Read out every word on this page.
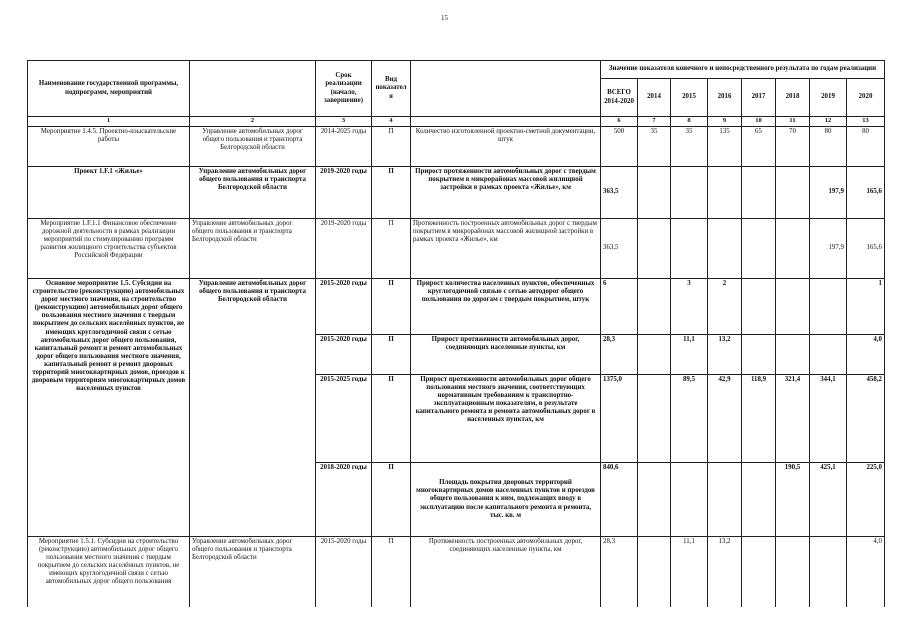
15
Наименование государственной программы, подпрограмм, мероприятий		Срок реализации (начало, завершение)	Вид показателя		Значение показателя конечного и непосредственного результата по годам реализации							
					ВСЕГО 2014-2020	2014	2015	2016	2017	2018	2019	2020
1	2	3	4		6	7	8	9	10	11	12	13
Мероприятие 1.4.5. Проектно-изыскательские работы	Управление автомобильных дорог общего пользования и транспорта Белгородской области	2014-2025 годы	П	Количество изготовленной проектно-сметной документации, штук	500	35	35	135	65	70	80	80
Проект 1.F.1 «Жилье»	Управление автомобильных дорог общего пользования и транспорта Белгородской области	2019-2020 годы	П	Прирост протяженности автомобильных дорог с твердым покрытием в микрорайонах массовой жилищной застройки в рамках проекта «Жилье», км	363,5						197,9	165,6
Мероприятие 1.F.1.1 Финансовое обеспечение дорожной деятельности в рамках реализации мероприятий по стимулированию программ развития жилищного строительства субъектов Российской Федерации	Управление автомобильных дорог общего пользования и транспорта Белгородской области	2019-2020 годы	П	Протяженность построенных автомобильных дорог с твердым покрытием в микрорайонах массовой жилищной застройки в рамках проекта «Жилье», км	363,5						197,9	165,6
Основное мероприятие 1.5. Субсидии на строительство (реконструкцию) автомобильных дорог местного значения, на строительство (реконструкцию) автомобильных дорог общего пользования местного значения с твердым покрытием до сельских населённых пунктов, не имеющих круглогодичной связи с сетью автомобильных дорог общего пользования, капитальный ремонт и ремонт автомобильных дорог общего пользования местного значения, капитальный ремонт и ремонт дворовых территорий многоквартирных домов, проездов к дворовым территориям многоквартирных домов населенных пунктов	Управление автомобильных дорог общего пользования и транспорта Белгородской области	2015-2020 годы	П	Прирост количества населенных пунктов, обеспеченных круглогодичной связью с сетью автодорог общего пользования по дорогам с твердым покрытием, штук	6		3	2				1
		2015-2020 годы	П	Прирост протяженности автомобильных дорог, соединяющих населенные пункты, км	28,3		11,1	13,2				4,0
		2015-2025 годы	П	Прирост протяженности автомобильных дорог общего пользования местного значения, соответствующих нормативным требованиям к транспортно-эксплуатационным показателям, в результате капитального ремонта и ремонта автомобильных дорог в населенных пунктах, км	1375,0		89,5	42,9	118,9	321,4	344,1	458,2
		2018-2020 годы	П	Площадь покрытия дворовых территорий многоквартирных домов населенных пунктов и проездов общего пользования к ним, подлежащих вводу в эксплуатацию после капитального ремонта и ремонта, тыс. кв. м	840,6					190,5	425,1	225,0
Мероприятие 1.5.1. Субсидия на строительство (реконструкцию) автомобильных дорог общего пользования местного значения с твердым покрытием до сельских населённых пунктов, не имеющих круглогодичной связи с сетью автомобильных дорог общего пользования	Управление автомобильных дорог общего пользования и транспорта Белгородской области	2015-2020 годы	П	Протяженность построенных автомобильных дорог, соединяющих населенные пункты, км	28,3		11,1	13,2				4,0
